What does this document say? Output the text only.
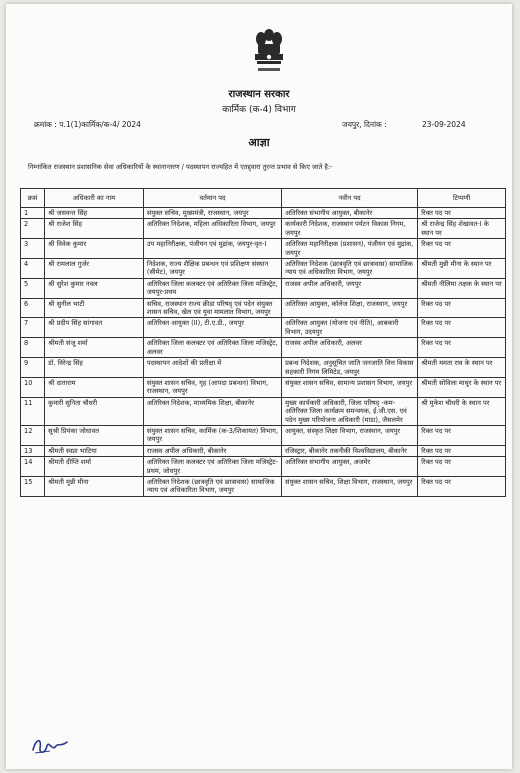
राजस्थान सरकार
कार्मिक (क-4) विभाग
क्रमांक : प.1(1)कार्मिक/क-4/ 2024	जयपुर, दिनांक :	23-09-2024
आज्ञा
निम्नांकित राजस्थान प्रशासनिक सेवा अधिकारियों के स्थानान्तरण / पदस्थापन राज्यहित में एतद्द्वारा तुरन्त प्रभाव से किए जाते है:-
क्रसं	अधिकारी का नाम	वर्तमान पद	नवीन पद	टिप्पणी
1	श्री जसवन्त सिंह	संयुक्त सचिव, मुख्यमंत्री, राजस्थान, जयपुर	अतिरिक्त संभागीय आयुक्त, बीकानेर	रिक्त पद पर
2	श्री राजेश सिंह	अतिरिक्त निदेशक, महिला अधिकारिता विभाग, जयपुर	कार्यकारी निदेशक, राजस्थान पर्यटन विकास निगम, जयपुर	श्री राजेन्द्र सिंह शेखावत-I के स्थान पर
3	श्री विवेक कुमार	उप महानिरीक्षक, पंजीयन एवं मुद्रांक, जयपुर-वृत-I	अतिरिक्त महानिरीक्षक (प्रशासन), पंजीयन एवं मुद्रांक, जयपुर	रिक्त पद पर
4	श्री रामलाल गुर्जर	निदेशक, राज्य शैक्षिक प्रबन्धन एवं प्रशिक्षण संस्थान (सीमेट), जयपुर	अतिरिक्त निदेशक (छात्रवृति एवं छात्रावास) सामाजिक न्याय एवं अधिकारिता विभाग, जयपुर	श्रीमती मुन्नी मीना के स्थान पर
5	श्री सुरेश कुमार नवल	अतिरिक्त जिला कलक्टर एवं अतिरिक्त जिला मजिस्ट्रेट, जयपुर-प्रथम	राजस्व अपील अधिकारी, जयपुर	श्रीमती नीलिमा तक्षक के स्थान पर
6	श्री सुनील भाटी	सचिव, राजस्थान राज्य क्रीडा परिषद् एवं पदेन संयुक्त शासन सचिव, खेल एवं युवा मामलात विभाग, जयपुर	अतिरिक्त आयुक्त, कॉलेज शिक्षा, राजस्थान, जयपुर	रिक्त पद पर
7	श्री प्रदीप सिंह सांगावत	अतिरिक्त आयुक्त (II), टी.ए.डी., जयपुर	अतिरिक्त आयुक्त (योजना एवं नीति), आबकारी विभाग, उदयपुर	रिक्त पद पर
8	श्रीमती संजू शर्मा	अतिरिक्त जिला कलक्टर एवं अतिरिक्त जिला मजिस्ट्रेट, अलवर	राजस्व अपील अधिकारी, अलवर	रिक्त पद पर
9	डॉ. विरेन्द्र सिंह	पदस्थापन आदेशों की प्रतीक्षा में	प्रबन्ध निदेशक, अनुसूचित जाति जनजाति वित्त विकास सहकारी निगम लिमिटेड, जयपुर	श्रीमती ममता राव के स्थान पर
10	श्री दाताराम	संयुक्त शासन सचिव, गृह (आपदा प्रबन्धन) विभाग, राजस्थान, जयपुर	संयुक्त शासन सचिव, सामान्य प्रशासन विभाग, जयपुर	श्रीमती सोविला माथुर के स्थान पर
11	कुमारी सुनिता चौधरी	अतिरिक्त निदेशक, माध्यमिक शिक्षा, बीकानेर	मुख्य कार्यकारी अधिकारी, जिला परिषद् -कम- अतिरिक्त जिला कार्यक्रम समन्वयक, ई.जी.एस. एवं पदेन मुख्य परियोजना अधिकारी (माडा), जैसलमेर	श्री मुकेश चौधरी के स्थान पर
12	सुश्री प्रियंका जोधावत	संयुक्त शासन सचिव, कार्मिक (क-3/शिकायत) विभाग, जयपुर	आयुक्त, संस्कृत शिक्षा विभाग, राजस्थान, जयपुर	रिक्त पद पर
13	श्रीमती स्वप्ना भाटिया	राजस्व अपील अधिकारी, बीकानेर	रजिस्ट्रार, बीकानेर तकनीकी विश्वविद्यालय, बीकानेर	रिक्त पद पर
14	श्रीमती दीप्ति शर्मा	अतिरिक्त जिला कलक्टर एवं अतिरिक्त जिला मजिस्ट्रेट-प्रथम, जोधपुर	अतिरिक्त संभागीय आयुक्त, अजमेर	रिक्त पद पर
15	श्रीमती मुन्नी मीना	अतिरिक्त निदेशक (छात्रवृति एवं छात्रावास) सामाजिक न्याय एवं अधिकारिता विभाग, जयपुर	संयुक्त शासन सचिव, शिक्षा विभाग, राजस्थान, जयपुर	रिक्त पद पर
